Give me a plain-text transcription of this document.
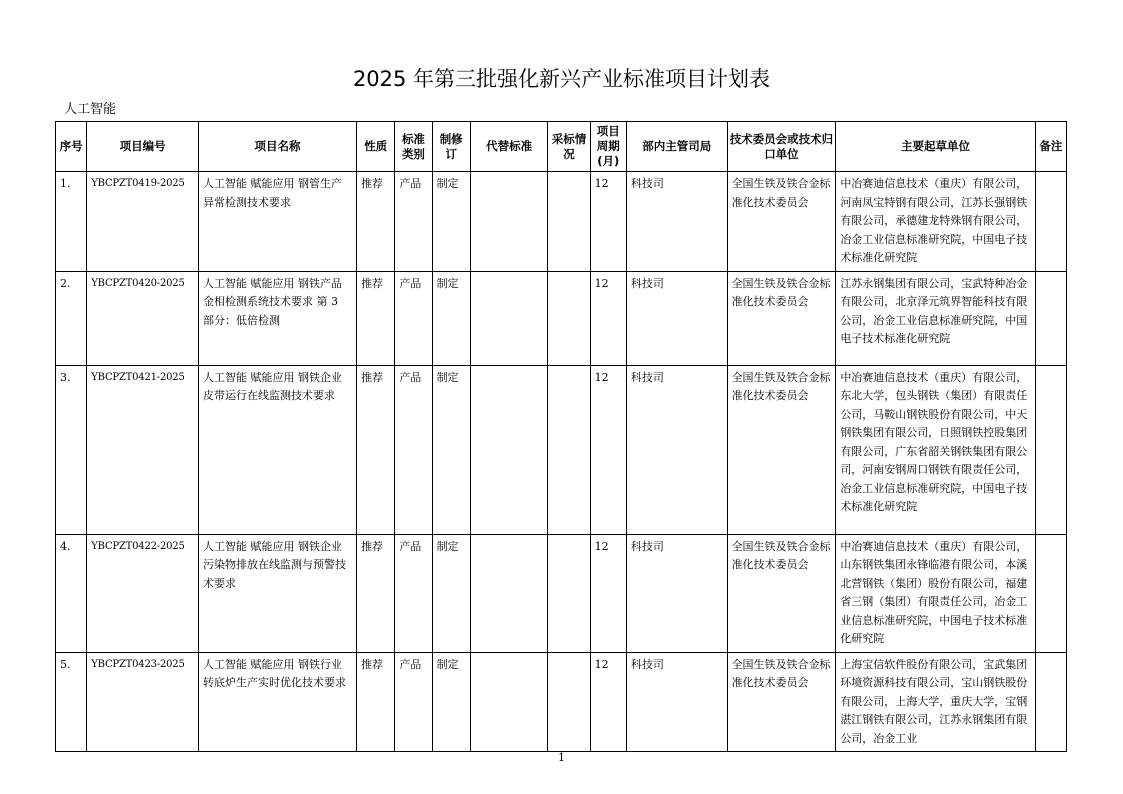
2025 年第三批强化新兴产业标准项目计划表
人工智能
序号	项目编号	项目名称	性质	标准类别	制修订	代替标准	采标情况	项目周期(月)	部内主管司局	技术委员会或技术归口单位	主要起草单位	备注
1.	YBCPZT0419-2025	人工智能 赋能应用 钢管生产异常检测技术要求	推荐	产品	制定			12	科技司	全国生铁及铁合金标准化技术委员会	中冶赛迪信息技术（重庆）有限公司，河南凤宝特钢有限公司，江苏长强钢铁有限公司，承德建龙特殊钢有限公司，冶金工业信息标准研究院，中国电子技术标准化研究院	
2.	YBCPZT0420-2025	人工智能 赋能应用 钢铁产品金相检测系统技术要求 第 3 部分：低倍检测	推荐	产品	制定			12	科技司	全国生铁及铁合金标准化技术委员会	江苏永钢集团有限公司，宝武特种冶金有限公司，北京泽元筑界智能科技有限公司，冶金工业信息标准研究院，中国电子技术标准化研究院	
3.	YBCPZT0421-2025	人工智能 赋能应用 钢铁企业皮带运行在线监测技术要求	推荐	产品	制定			12	科技司	全国生铁及铁合金标准化技术委员会	中冶赛迪信息技术（重庆）有限公司，东北大学，包头钢铁（集团）有限责任公司，马鞍山钢铁股份有限公司，中天钢铁集团有限公司，日照钢铁控股集团有限公司，广东省韶关钢铁集团有限公司，河南安钢周口钢铁有限责任公司，冶金工业信息标准研究院，中国电子技术标准化研究院	
4.	YBCPZT0422-2025	人工智能 赋能应用 钢铁企业污染物排放在线监测与预警技术要求	推荐	产品	制定			12	科技司	全国生铁及铁合金标准化技术委员会	中冶赛迪信息技术（重庆）有限公司，山东钢铁集团永锋临港有限公司，本溪北营钢铁（集团）股份有限公司，福建省三钢（集团）有限责任公司，冶金工业信息标准研究院，中国电子技术标准化研究院	
5.	YBCPZT0423-2025	人工智能 赋能应用 钢铁行业转底炉生产实时优化技术要求	推荐	产品	制定			12	科技司	全国生铁及铁合金标准化技术委员会	上海宝信软件股份有限公司，宝武集团环境资源科技有限公司，宝山钢铁股份有限公司，上海大学，重庆大学，宝钢湛江钢铁有限公司，江苏永钢集团有限公司，冶金工业	
1
